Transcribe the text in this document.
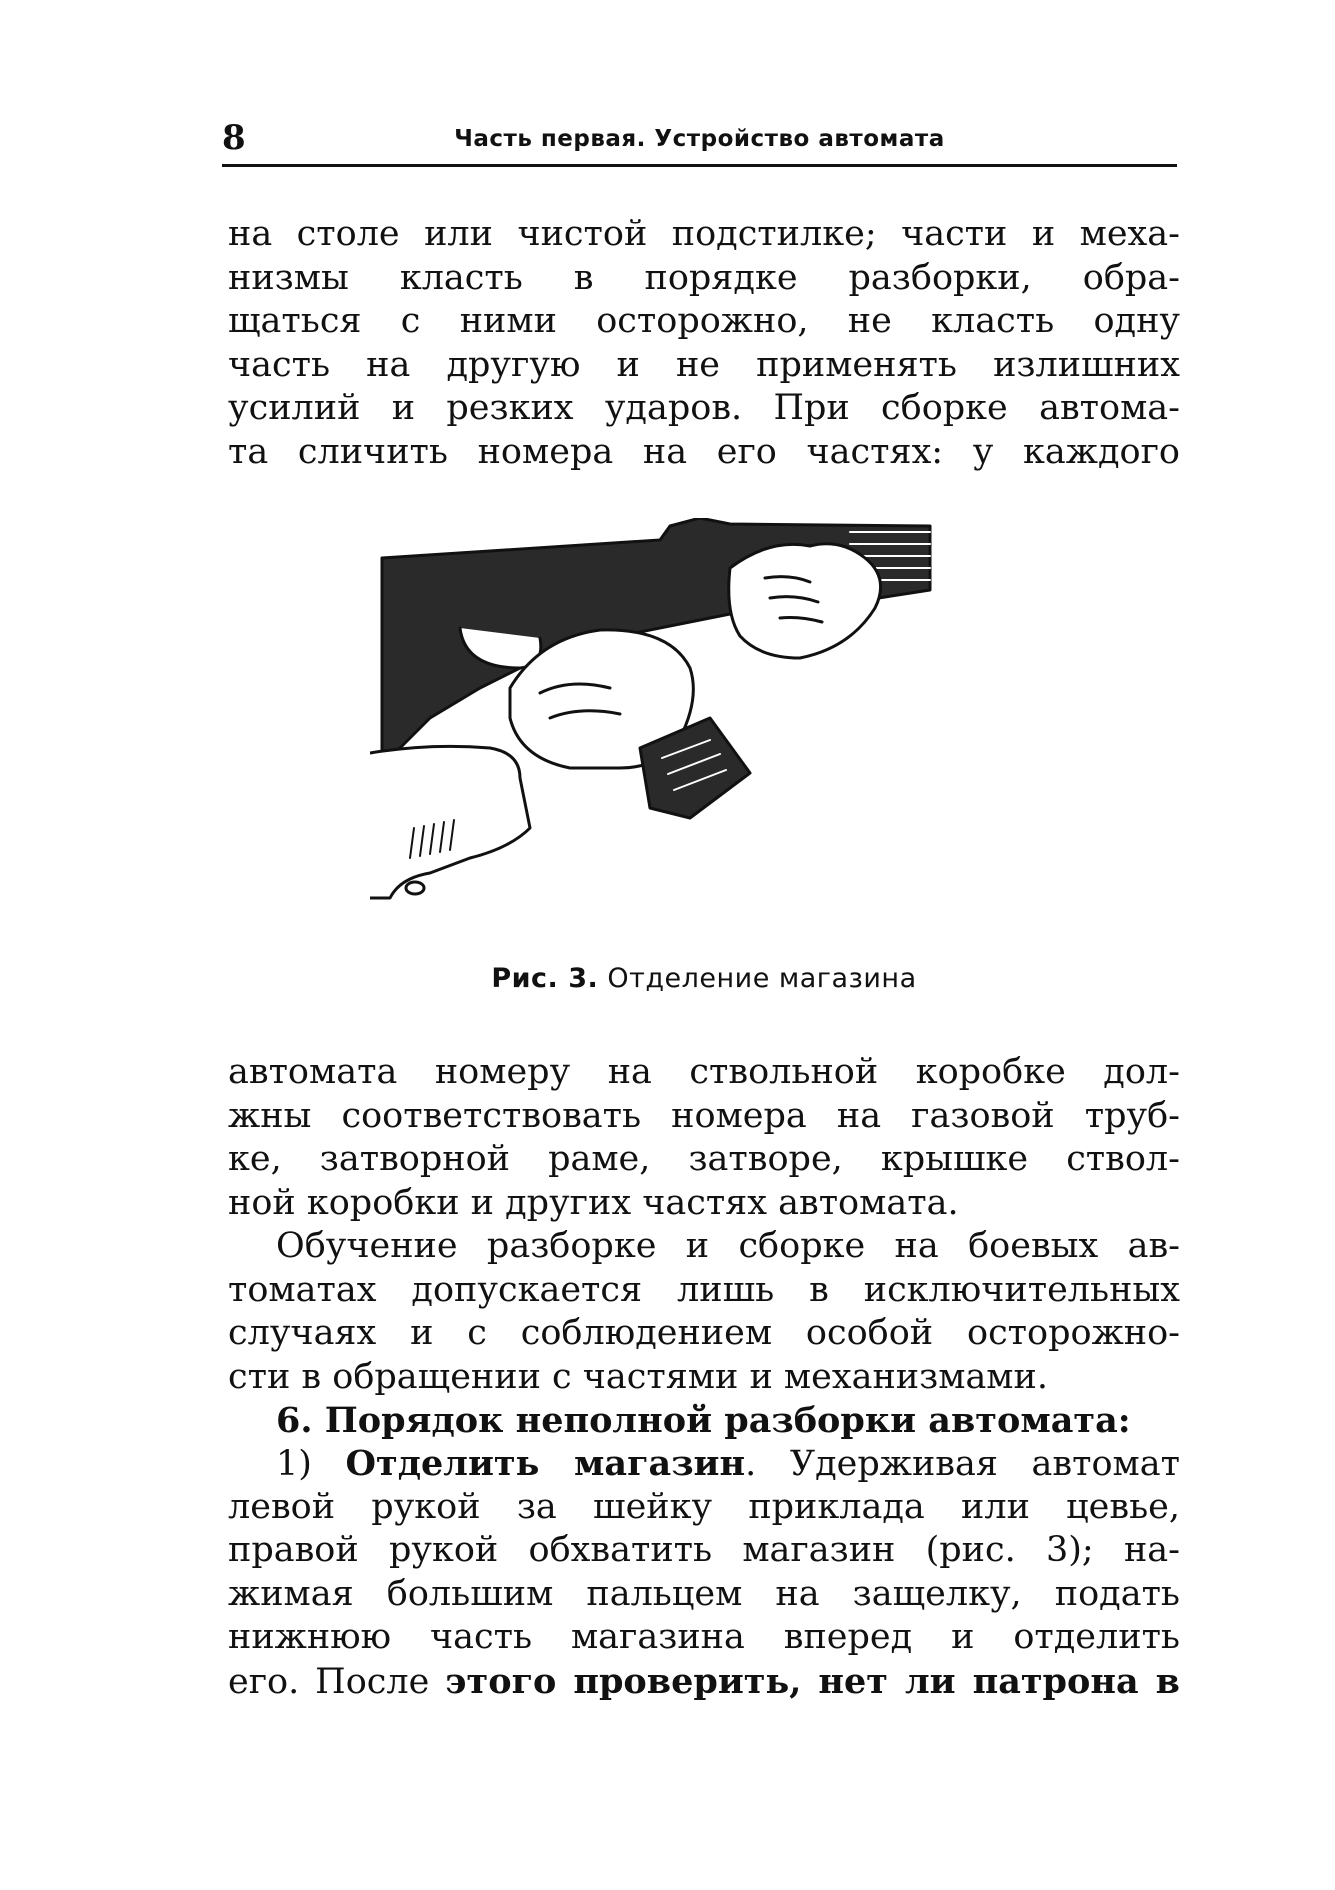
8	Часть первая. Устройство автомата
на столе или чистой подстилке; части и меха-
низмы класть в порядке разборки, обра-
щаться с ними осторожно, не класть одну
часть на другую и не применять излишних
усилий и резких ударов. При сборке автома-
та сличить номера на его частях: у каждого
Рис. 3. Отделение магазина
автомата номеру на ствольной коробке дол-
жны соответствовать номера на газовой труб-
ке, затворной раме, затворе, крышке ствол-
ной коробки и других частях автомата.
Обучение разборке и сборке на боевых ав-
томатах допускается лишь в исключительных
случаях и с соблюдением особой осторожно-
сти в обращении с частями и механизмами.
6. Порядок неполной разборки автомата:
1) Отделить магазин. Удерживая автомат
левой рукой за шейку приклада или цевье,
правой рукой обхватить магазин (рис. 3); на-
жимая большим пальцем на защелку, подать
нижнюю часть магазина вперед и отделить
его. После этого проверить, нет ли патрона в
